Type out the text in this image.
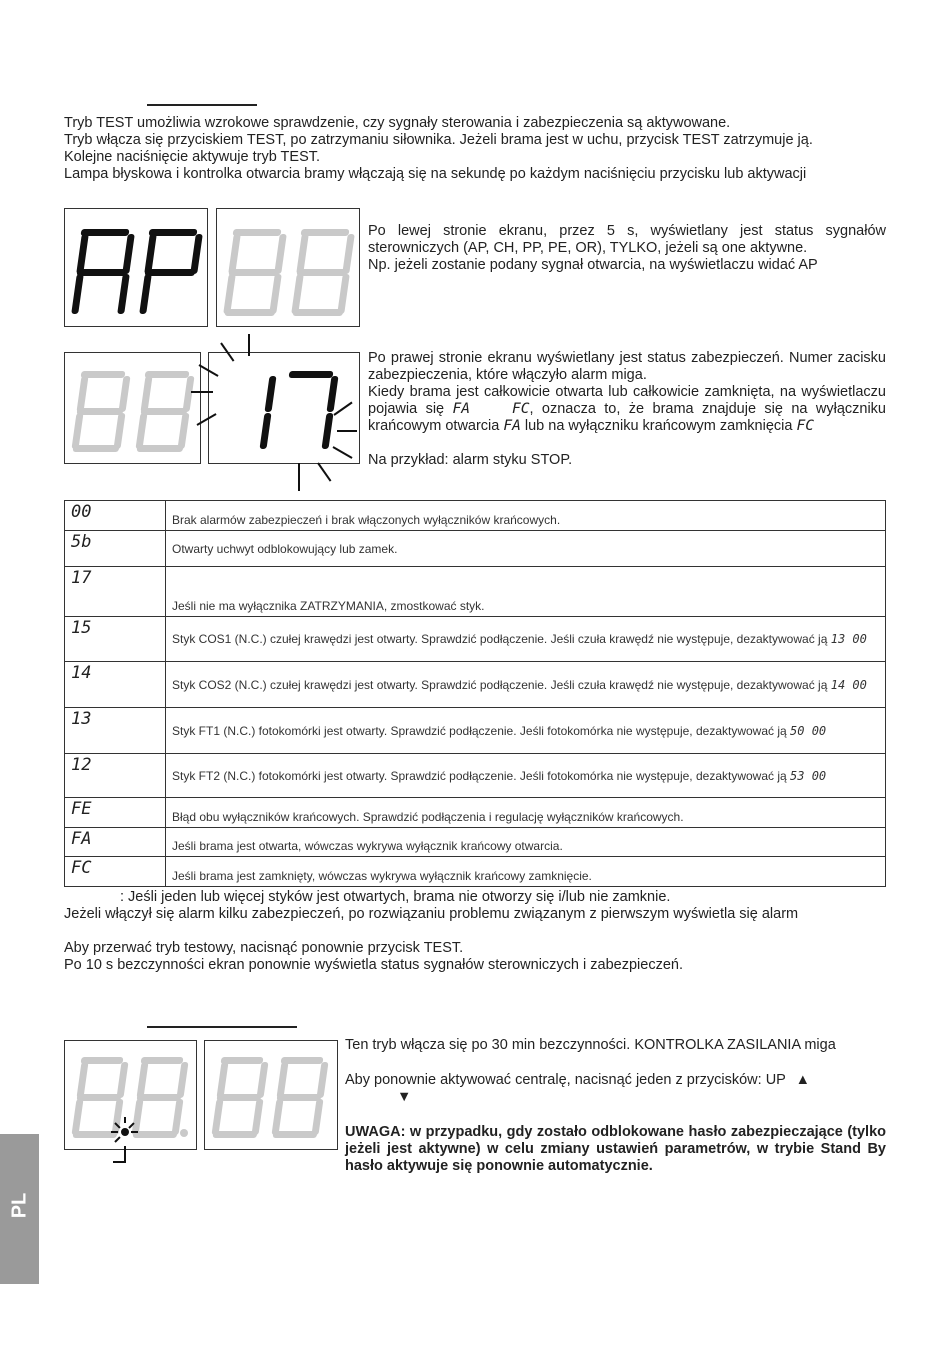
Tryb TEST umożliwia wzrokowe sprawdzenie, czy sygnały sterowania i zabezpieczenia są aktywowane.

Tryb włącza się przyciskiem TEST, po zatrzymaniu siłownika. Jeżeli brama jest w uchu, przycisk TEST zatrzymuje ją.

Kolejne naciśnięcie aktywuje tryb TEST.

Lampa błyskowa i kontrolka otwarcia bramy włączają się na sekundę po każdym naciśnięciu przycisku lub aktywacji

Po lewej stronie ekranu, przez 5 s, wyświetlany jest status sygnałów sterowniczych (AP, CH, PP, PE, OR), TYLKO, jeżeli są one aktywne.

Np. jeżeli zostanie podany sygnał otwarcia, na wyświetlaczu widać AP

Po prawej stronie ekranu wyświetlany jest status zabezpieczeń. Numer zacisku zabezpieczenia, które włączyło alarm miga.

Kiedy brama jest całkowicie otwarta lub całkowicie zamknięta, na wyświetlaczu pojawia się FA	FC, oznacza to, że brama znajduje się na wyłączniku krańcowym otwarcia FA lub na wyłączniku krańcowym zamknięcia FC

Na przykład: alarm styku STOP.

00	Brak alarmów zabezpieczeń i brak włączonych wyłączników krańcowych.
5b	Otwarty uchwyt odblokowujący lub zamek.
17	Jeśli nie ma wyłącznika ZATRZYMANIA, zmostkować styk.
15	Styk COS1 (N.C.) czułej krawędzi jest otwarty. Sprawdzić podłączenie. Jeśli czuła krawędź nie występuje, dezaktywować ją 13 00
14	Styk COS2 (N.C.) czułej krawędzi jest otwarty. Sprawdzić podłączenie. Jeśli czuła krawędź nie występuje, dezaktywować ją 14 00
13	Styk FT1 (N.C.) fotokomórki jest otwarty. Sprawdzić podłączenie. Jeśli fotokomórka nie występuje, dezaktywować ją 50 00
12	Styk FT2 (N.C.) fotokomórki jest otwarty. Sprawdzić podłączenie. Jeśli fotokomórka nie występuje, dezaktywować ją 53 00
FE	Błąd obu wyłączników krańcowych. Sprawdzić podłączenia i regulację wyłączników krańcowych.
FA	Jeśli brama jest otwarta, wówczas wykrywa wyłącznik krańcowy otwarcia.
FC	Jeśli brama jest zamknięty, wówczas wykrywa wyłącznik krańcowy zamknięcie.

: Jeśli jeden lub więcej styków jest otwartych, brama nie otworzy się i/lub nie zamknie.

Jeżeli włączył się alarm kilku zabezpieczeń, po rozwiązaniu problemu związanym z pierwszym wyświetla się alarm

Aby przerwać tryb testowy, nacisnąć ponownie przycisk TEST.

Po 10 s bezczynności ekran ponownie wyświetla status sygnałów sterowniczych i zabezpieczeń.

Ten tryb włącza się po 30 min bezczynności. KONTROLKA ZASILANIA miga

Aby ponownie aktywować centralę, nacisnąć jeden z przycisków: UP ▲

▼

UWAGA: w przypadku, gdy zostało odblokowane hasło zabezpieczające (tylko jeżeli jest aktywne) w celu zmiany ustawień parametrów, w trybie Stand By hasło aktywuje się ponownie automatycznie.

PL
